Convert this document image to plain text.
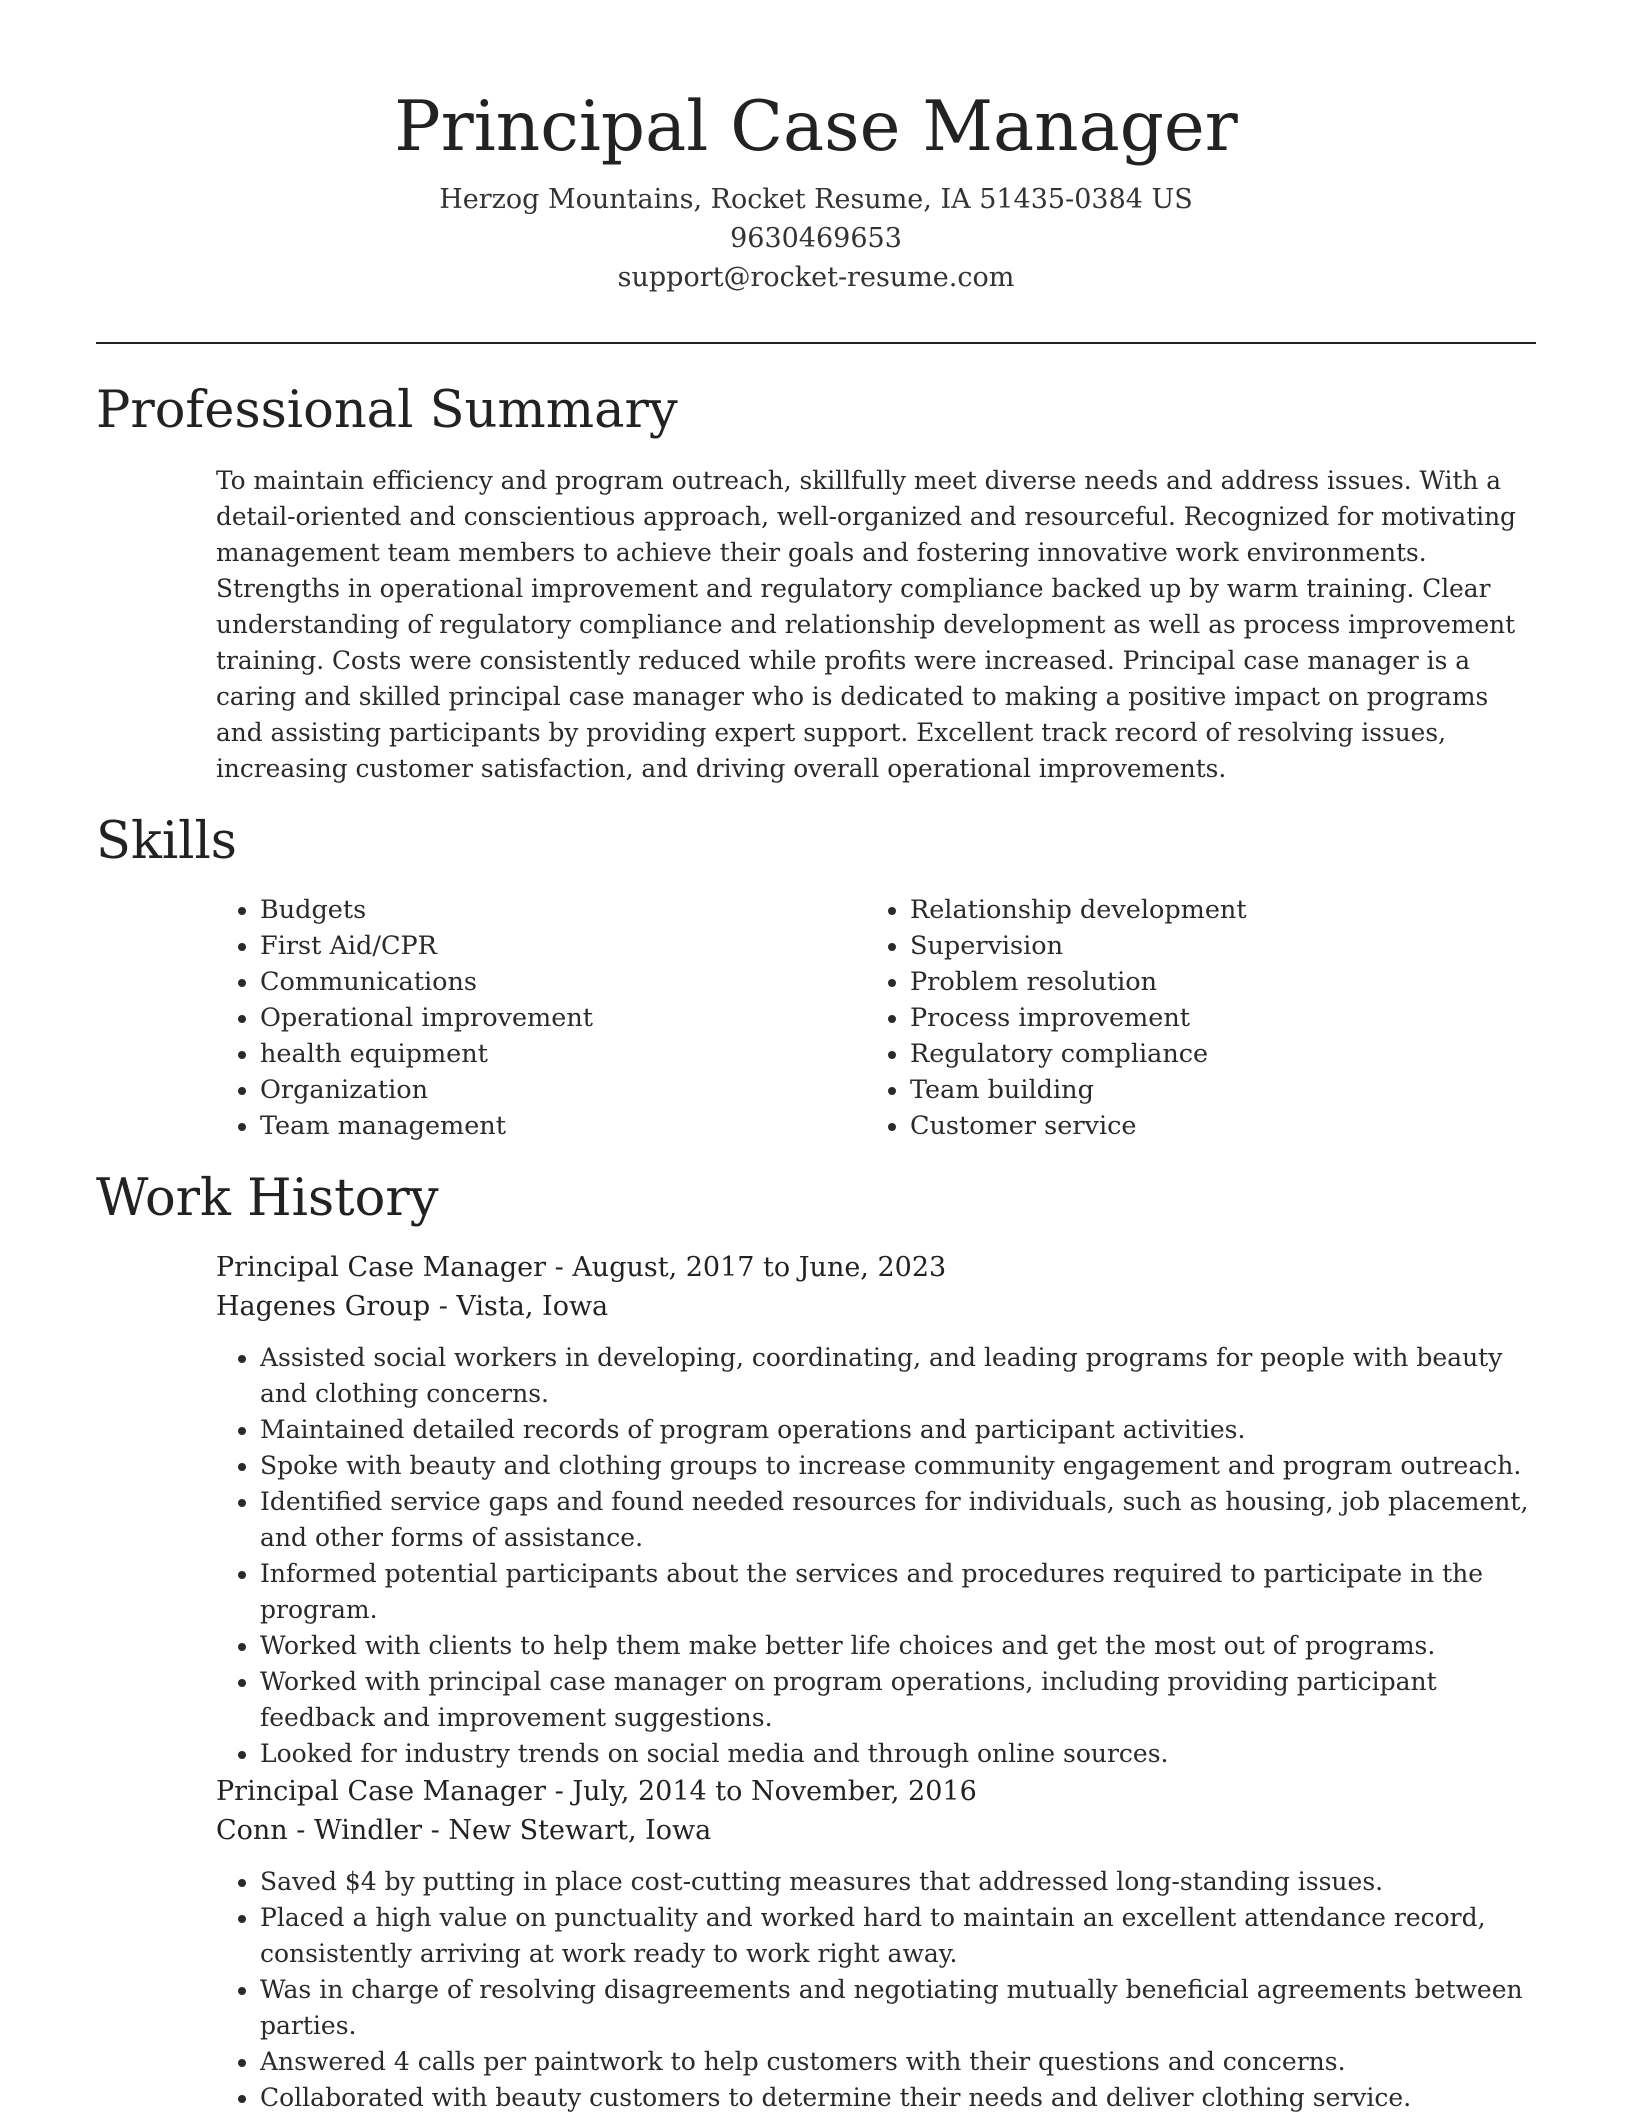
Principal Case Manager
Herzog Mountains, Rocket Resume, IA 51435-0384 US
9630469653
support@rocket-resume.com
Professional Summary

To maintain efficiency and program outreach, skillfully meet diverse needs and address issues. With a detail-oriented and conscientious approach, well-organized and resourceful. Recognized for motivating management team members to achieve their goals and fostering innovative work environments. Strengths in operational improvement and regulatory compliance backed up by warm training. Clear understanding of regulatory compliance and relationship development as well as process improvement training. Costs were consistently reduced while profits were increased. Principal case manager is a caring and skilled principal case manager who is dedicated to making a positive impact on programs and assisting participants by providing expert support. Excellent track record of resolving issues, increasing customer satisfaction, and driving overall operational improvements.

Skills
• Budgets
• First Aid/CPR
• Communications
• Operational improvement
• health equipment
• Organization
• Team management
• Relationship development
• Supervision
• Problem resolution
• Process improvement
• Regulatory compliance
• Team building
• Customer service
Work History
Principal Case Manager - August, 2017 to June, 2023
Hagenes Group - Vista, Iowa
• Assisted social workers in developing, coordinating, and leading programs for people with beauty and clothing concerns.
• Maintained detailed records of program operations and participant activities.
• Spoke with beauty and clothing groups to increase community engagement and program outreach.
• Identified service gaps and found needed resources for individuals, such as housing, job placement, and other forms of assistance.
• Informed potential participants about the services and procedures required to participate in the program.
• Worked with clients to help them make better life choices and get the most out of programs.
• Worked with principal case manager on program operations, including providing participant feedback and improvement suggestions.
• Looked for industry trends on social media and through online sources.
Principal Case Manager - July, 2014 to November, 2016
Conn - Windler - New Stewart, Iowa
• Saved $4 by putting in place cost-cutting measures that addressed long-standing issues.
• Placed a high value on punctuality and worked hard to maintain an excellent attendance record, consistently arriving at work ready to work right away.
• Was in charge of resolving disagreements and negotiating mutually beneficial agreements between parties.
• Answered 4 calls per paintwork to help customers with their questions and concerns.
• Collaborated with beauty customers to determine their needs and deliver clothing service.
